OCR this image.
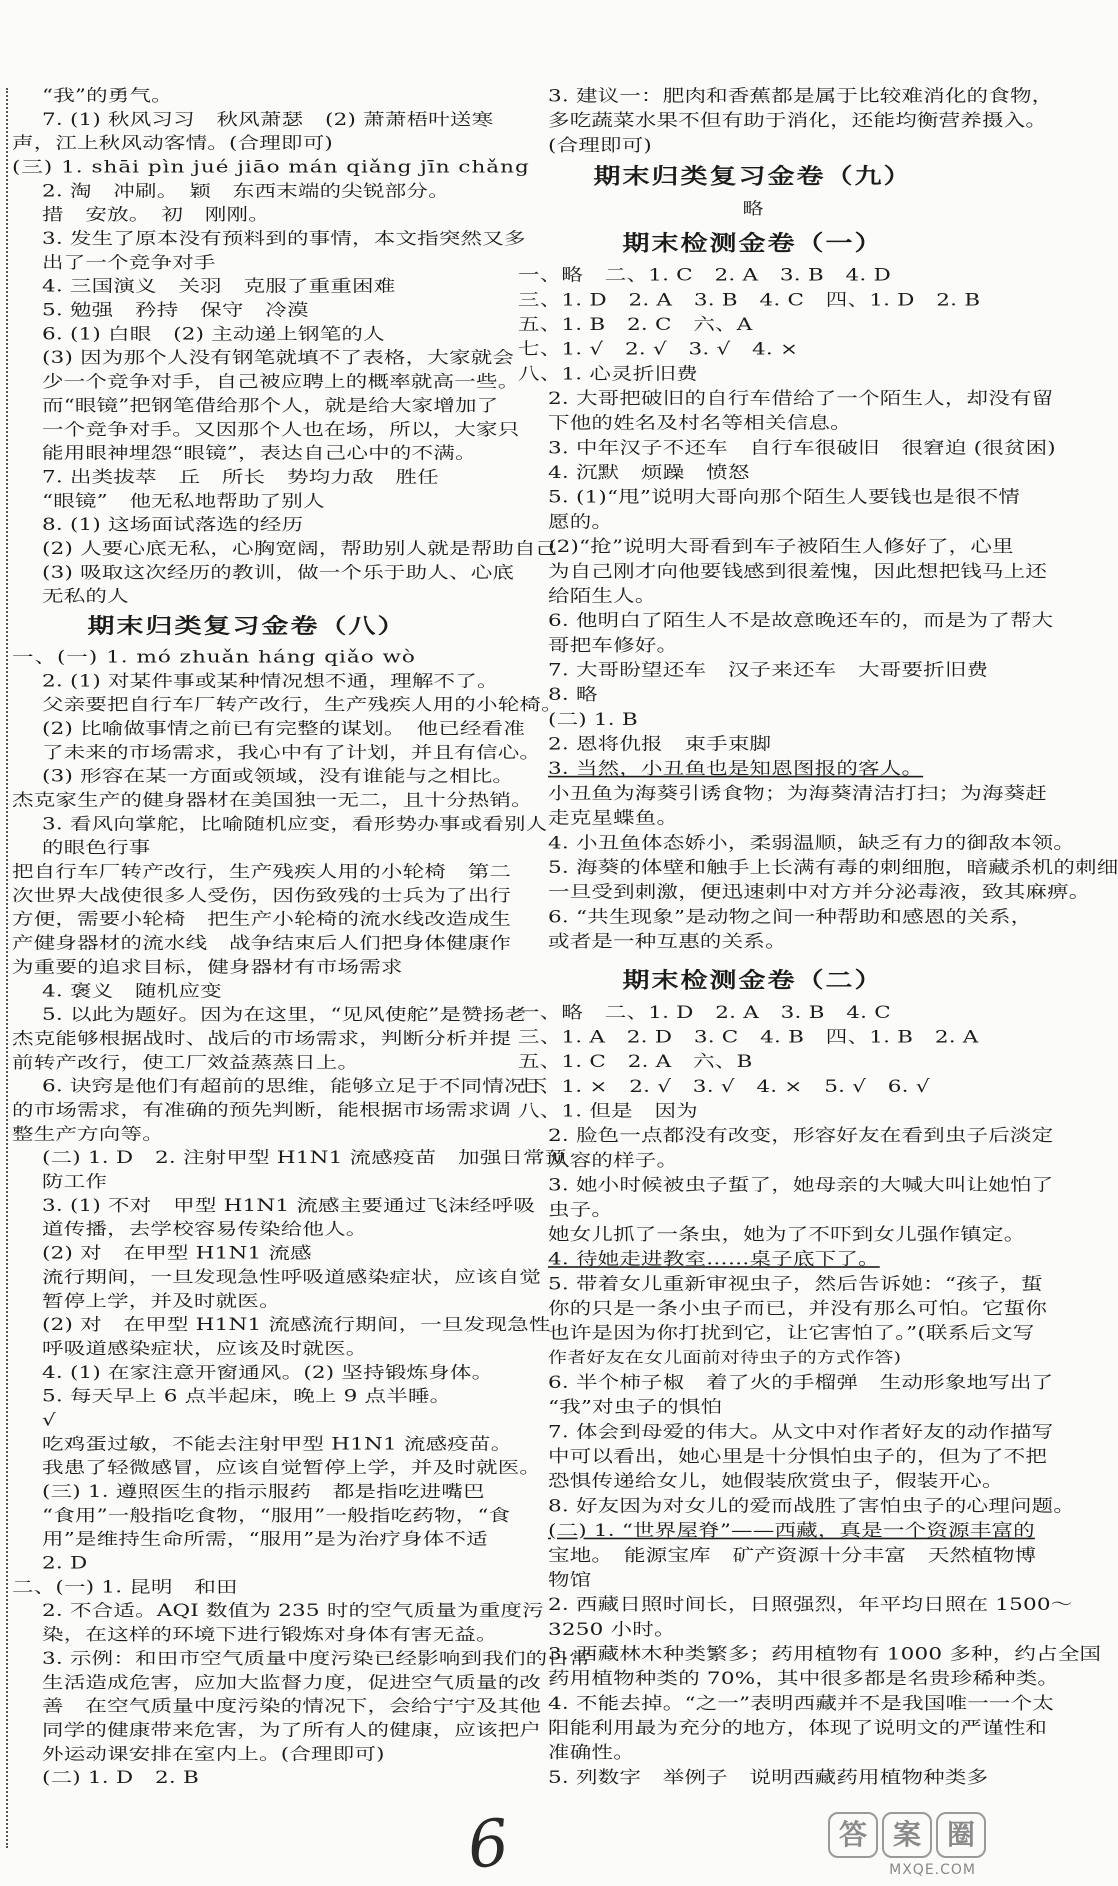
“我”的勇气。
7. (1) 秋风习习　秋风萧瑟　(2) 萧萧梧叶送寒
声，江上秋风动客情。(合理即可)
(三) 1. shāi pìn jué jiāo mán qiǎng jīn chǎng
2. 淘　冲刷。　颖　东西末端的尖锐部分。
措　安放。　初　刚刚。
3. 发生了原本没有预料到的事情，本文指突然又多
出了一个竞争对手
4. 三国演义　关羽　克服了重重困难
5. 勉强　矜持　保守　冷漠
6. (1) 白眼　(2) 主动递上钢笔的人
(3) 因为那个人没有钢笔就填不了表格，大家就会
少一个竞争对手，自己被应聘上的概率就高一些。
而“眼镜”把钢笔借给那个人，就是给大家增加了
一个竞争对手。又因那个人也在场，所以，大家只
能用眼神埋怨“眼镜”，表达自己心中的不满。
7. 出类拔萃　丘　所长　势均力敌　胜任
“眼镜”　他无私地帮助了别人
8. (1) 这场面试落选的经历
(2) 人要心底无私，心胸宽阔，帮助别人就是帮助自己
(3) 吸取这次经历的教训，做一个乐于助人、心底
无私的人
期末归类复习金卷（八）
一、(一) 1. mó zhuǎn háng qiǎo wò
2. (1) 对某件事或某种情况想不通，理解不了。
父亲要把自行车厂转产改行，生产残疾人用的小轮椅。
(2) 比喻做事情之前已有完整的谋划。　他已经看准
了未来的市场需求，我心中有了计划，并且有信心。
(3) 形容在某一方面或领域，没有谁能与之相比。
杰克家生产的健身器材在美国独一无二，且十分热销。
3. 看风向掌舵，比喻随机应变，看形势办事或看别人
的眼色行事
把自行车厂转产改行，生产残疾人用的小轮椅　第二
次世界大战使很多人受伤，因伤致残的士兵为了出行
方便，需要小轮椅　把生产小轮椅的流水线改造成生
产健身器材的流水线　战争结束后人们把身体健康作
为重要的追求目标，健身器材有市场需求
4. 褒义　随机应变
5. 以此为题好。因为在这里，“见风使舵”是赞扬老
杰克能够根据战时、战后的市场需求，判断分析并提
前转产改行，使工厂效益蒸蒸日上。
6. 诀窍是他们有超前的思维，能够立足于不同情况下
的市场需求，有准确的预先判断，能根据市场需求调
整生产方向等。
(二) 1. D　2. 注射甲型 H1N1 流感疫苗　加强日常预
防工作
3. (1) 不对　甲型 H1N1 流感主要通过飞沫经呼吸
道传播，去学校容易传染给他人。
(2) 对　在甲型 H1N1 流感
流行期间，一旦发现急性呼吸道感染症状，应该自觉
暂停上学，并及时就医。
(2) 对　在甲型 H1N1 流感流行期间，一旦发现急性
呼吸道感染症状，应该及时就医。
4. (1) 在家注意开窗通风。(2) 坚持锻炼身体。
5. 每天早上 6 点半起床，晚上 9 点半睡。
√
吃鸡蛋过敏，不能去注射甲型 H1N1 流感疫苗。
我患了轻微感冒，应该自觉暂停上学，并及时就医。
(三) 1. 遵照医生的指示服药　都是指吃进嘴巴
“食用”一般指吃食物，“服用”一般指吃药物，“食
用”是维持生命所需，“服用”是为治疗身体不适
2. D
二、(一) 1. 昆明　和田
2. 不合适。AQI 数值为 235 时的空气质量为重度污
染，在这样的环境下进行锻炼对身体有害无益。
3. 示例：和田市空气质量中度污染已经影响到我们的日常
生活造成危害，应加大监督力度，促进空气质量的改
善　在空气质量中度污染的情况下，会给宁宁及其他
同学的健康带来危害，为了所有人的健康，应该把户
外运动课安排在室内上。(合理即可)
(二) 1. D　2. B
3. 建议一：肥肉和香蕉都是属于比较难消化的食物，
多吃蔬菜水果不但有助于消化，还能均衡营养摄入。
(合理即可)
期末归类复习金卷（九）
略
期末检测金卷（一）
一、略　二、1. C　2. A　3. B　4. D
三、1. D　2. A　3. B　4. C　四、1. D　2. B
五、1. B　2. C　六、A
七、1. √　2. √　3. √　4. ×
八、1. 心灵折旧费
2. 大哥把破旧的自行车借给了一个陌生人，却没有留
下他的姓名及村名等相关信息。
3. 中年汉子不还车　自行车很破旧　很窘迫 (很贫困)
4. 沉默　烦躁　愤怒
5. (1)“甩”说明大哥向那个陌生人要钱也是很不情
愿的。
(2)“抢”说明大哥看到车子被陌生人修好了，心里
为自己刚才向他要钱感到很羞愧，因此想把钱马上还
给陌生人。
6. 他明白了陌生人不是故意晚还车的，而是为了帮大
哥把车修好。
7. 大哥盼望还车　汉子来还车　大哥要折旧费
8. 略
(二) 1. B
2. 恩将仇报　束手束脚
3. 当然，小丑鱼也是知恩图报的客人。
小丑鱼为海葵引诱食物；为海葵清洁打扫；为海葵赶
走克星蝶鱼。
4. 小丑鱼体态娇小，柔弱温顺，缺乏有力的御敌本领。
5. 海葵的体壁和触手上长满有毒的刺细胞，暗藏杀机的刺细
一旦受到刺激，便迅速刺中对方并分泌毒液，致其麻痹。
6. “共生现象”是动物之间一种帮助和感恩的关系，
或者是一种互惠的关系。
期末检测金卷（二）
一、略　二、1. D　2. A　3. B　4. C
三、1. A　2. D　3. C　4. B　四、1. B　2. A
五、1. C　2. A　六、B
七、1. ×　2. √　3. √　4. ×　5. √　6. √
八、1. 但是　因为
2. 脸色一点都没有改变，形容好友在看到虫子后淡定
从容的样子。
3. 她小时候被虫子蜇了，她母亲的大喊大叫让她怕了
虫子。
她女儿抓了一条虫，她为了不吓到女儿强作镇定。
4. 待她走进教室……桌子底下了。
5. 带着女儿重新审视虫子，然后告诉她：“孩子，蜇
你的只是一条小虫子而已，并没有那么可怕。它蜇你
也许是因为你打扰到它，让它害怕了。”(联系后文写
作者好友在女儿面前对待虫子的方式作答)
6. 半个柿子椒　着了火的手榴弹　生动形象地写出了
“我”对虫子的惧怕
7. 体会到母爱的伟大。从文中对作者好友的动作描写
中可以看出，她心里是十分惧怕虫子的，但为了不把
恐惧传递给女儿，她假装欣赏虫子，假装开心。
8. 好友因为对女儿的爱而战胜了害怕虫子的心理问题。
(二) 1. “世界屋脊”——西藏，真是一个资源丰富的
宝地。　能源宝库　矿产资源十分丰富　天然植物博
物馆
2. 西藏日照时间长，日照强烈，年平均日照在 1500～
3250 小时。
3. 西藏林木种类繁多；药用植物有 1000 多种，约占全国
药用植物种类的 70%，其中很多都是名贵珍稀种类。
4. 不能去掉。“之一”表明西藏并不是我国唯一一个太
阳能利用最为充分的地方，体现了说明文的严谨性和
准确性。
5. 列数字　举例子　说明西藏药用植物种类多
6	答 案 圈
MXQE.COM
